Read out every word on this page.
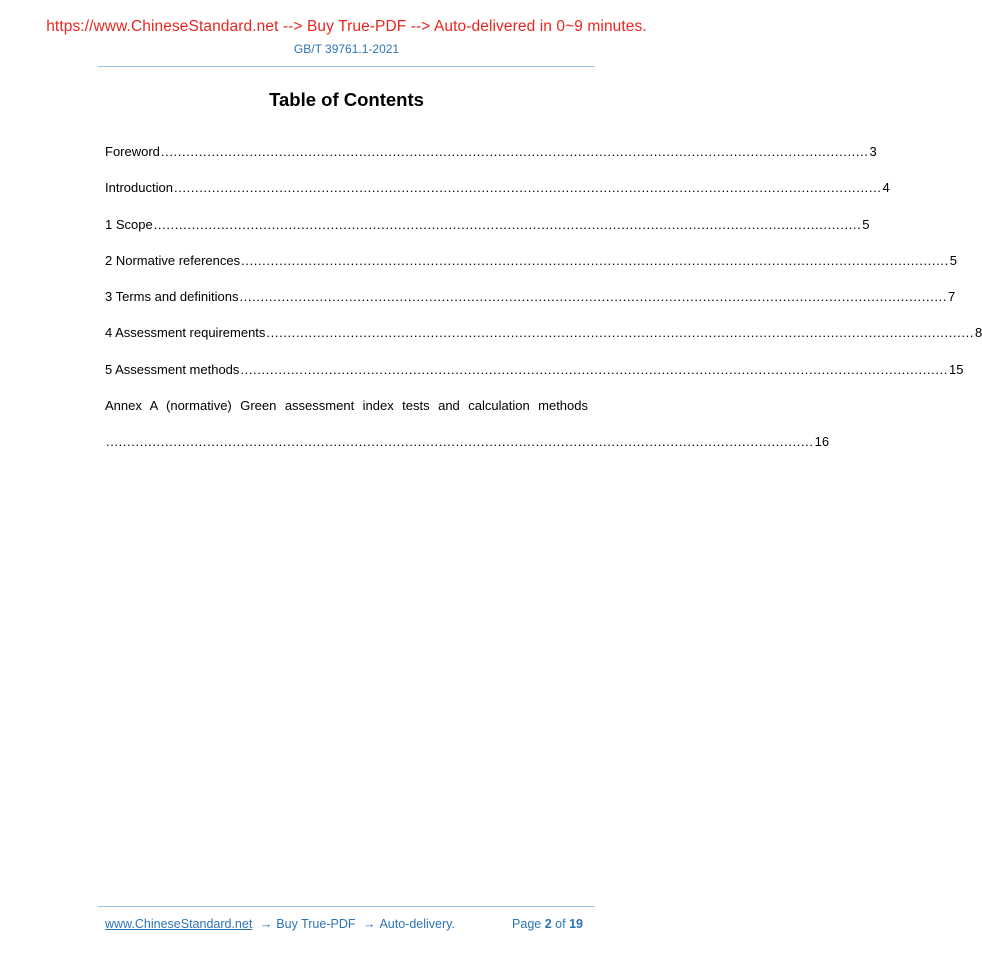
https://www.ChineseStandard.net --> Buy True-PDF --> Auto-delivered in 0~9 minutes.
GB/T 39761.1-2021
Table of Contents
Foreword ........................................................................................................................................................................ 3
Introduction ........................................................................................................................................................................ 4
1 Scope ........................................................................................................................................................................ 5
2 Normative references ........................................................................................................................................................................ 5
3 Terms and definitions ........................................................................................................................................................................ 7
4 Assessment requirements ........................................................................................................................................................................ 8
5 Assessment methods ........................................................................................................................................................................ 15
Annex A (normative) Green assessment index tests and calculation methods
........................................................................................................................................................................ 16
www.ChineseStandard.net → Buy True-PDF → Auto-delivery.	Page 2 of 19
